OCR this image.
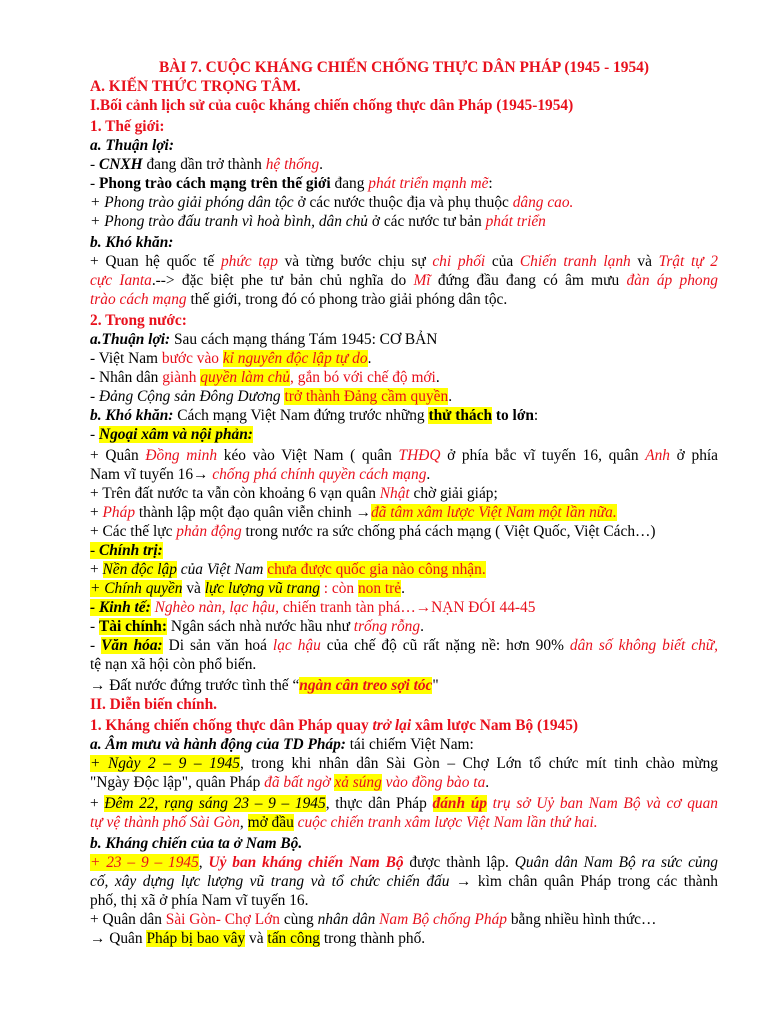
BÀI 7. CUỘC KHÁNG CHIẾN CHỐNG THỰC DÂN PHÁP (1945 - 1954)
A. KIẾN THỨC TRỌNG TÂM.
I.Bối cảnh lịch sử của cuộc kháng chiến chống thực dân Pháp (1945-1954)
1. Thế giới:
a. Thuận lợi:
- CNXH đang dần trở thành hệ thống.
- Phong trào cách mạng trên thế giới đang phát triển mạnh mẽ:
+ Phong trào giải phóng dân tộc ở các nước thuộc địa và phụ thuộc dâng cao.
+ Phong trào đấu tranh vì hoà bình, dân chủ ở các nước tư bản phát triển
b. Khó khăn:
+ Quan hệ quốc tế phức tạp và từng bước chịu sự chi phối của Chiến tranh lạnh và Trật tự 2
cực Ianta.--> đặc biệt phe tư bản chủ nghĩa do Mĩ đứng đầu đang có âm mưu đàn áp phong
trào cách mạng thế giới, trong đó có phong trào giải phóng dân tộc.
2. Trong nước:
a.Thuận lợi: Sau cách mạng tháng Tám 1945: CƠ BẢN
- Việt Nam bước vào kỉ nguyên độc lập tự do.
- Nhân dân giành quyền làm chủ, gắn bó với chế độ mới.
- Đảng Cộng sản Đông Dương trở thành Đảng cầm quyền.
b. Khó khăn: Cách mạng Việt Nam đứng trước những thử thách to lớn:
- Ngoại xâm và nội phản:
+ Quân Đồng minh kéo vào Việt Nam ( quân THĐQ ở phía bắc vĩ tuyến 16, quân Anh ở phía
Nam vĩ tuyến 16→ chống phá chính quyền cách mạng.
+ Trên đất nước ta vẫn còn khoảng 6 vạn quân Nhật chờ giải giáp;
+ Pháp thành lập một đạo quân viễn chinh →đã tâm xâm lược Việt Nam một lần nữa.
+ Các thế lực phản động trong nước ra sức chống phá cách mạng ( Việt Quốc, Việt Cách…)
- Chính trị:
+ Nền độc lập của Việt Nam chưa được quốc gia nào công nhận.
+ Chính quyền và lực lượng vũ trang : còn non trẻ.
- Kinh tế: Nghèo nàn, lạc hậu, chiến tranh tàn phá…→NẠN ĐÓI 44-45
- Tài chính: Ngân sách nhà nước hầu như trống rỗng.
- Văn hóa: Di sản văn hoá lạc hậu của chế độ cũ rất nặng nề: hơn 90% dân số không biết chữ,
tệ nạn xã hội còn phổ biến.
→ Đất nước đứng trước tình thế “ngàn cân treo sợi tóc"
II. Diễn biến chính.
1. Kháng chiến chống thực dân Pháp quay trở lại xâm lược Nam Bộ (1945)
a. Âm mưu và hành động của TD Pháp: tái chiếm Việt Nam:
+ Ngày 2 – 9 – 1945, trong khi nhân dân Sài Gòn – Chợ Lớn tổ chức mít tinh chào mừng
"Ngày Độc lập", quân Pháp đã bất ngờ xả súng vào đồng bào ta.
+ Đêm 22, rạng sáng 23 – 9 – 1945, thực dân Pháp đánh úp trụ sở Uỷ ban Nam Bộ và cơ quan
tự vệ thành phố Sài Gòn, mở đầu cuộc chiến tranh xâm lược Việt Nam lần thứ hai.
b. Kháng chiến của ta ở Nam Bộ.
+ 23 – 9 – 1945, Uỷ ban kháng chiến Nam Bộ được thành lập. Quân dân Nam Bộ ra sức củng
cố, xây dựng lực lượng vũ trang và tổ chức chiến đấu → kìm chân quân Pháp trong các thành
phố, thị xã ở phía Nam vĩ tuyến 16.
+ Quân dân Sài Gòn- Chợ Lớn cùng nhân dân Nam Bộ chống Pháp bằng nhiều hình thức…
→ Quân Pháp bị bao vây và tấn công trong thành phố.
